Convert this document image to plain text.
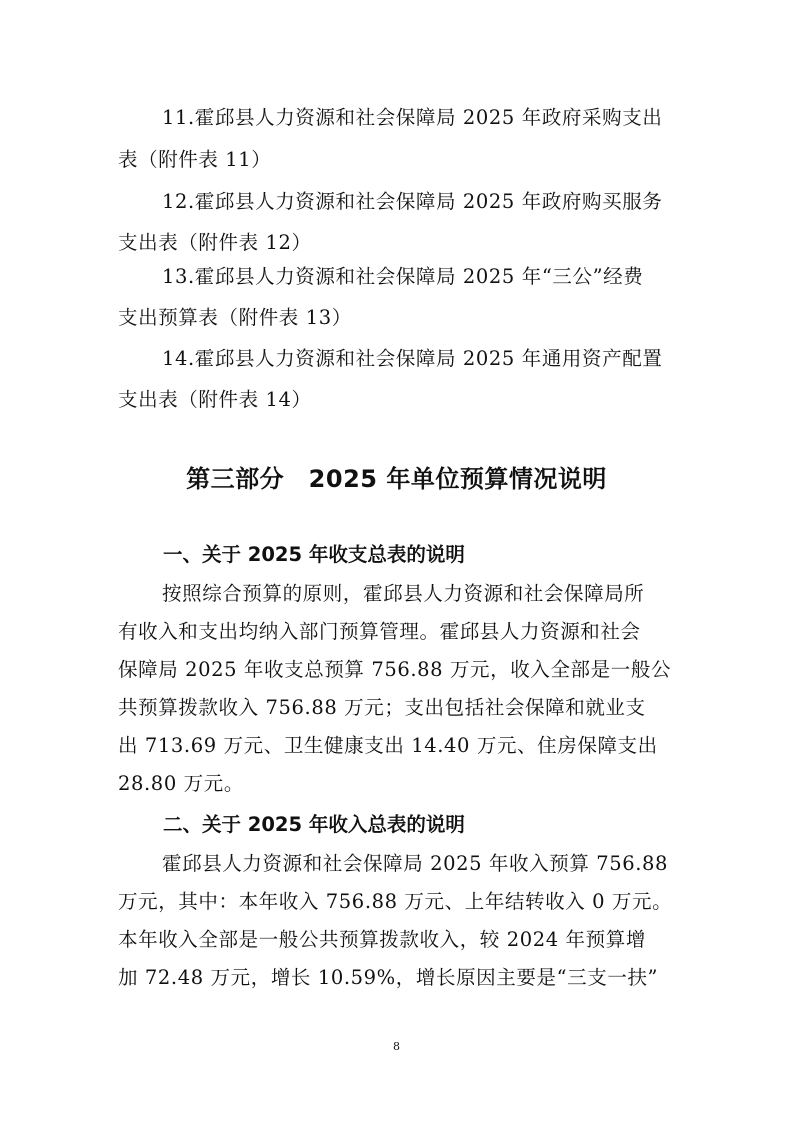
11.霍邱县人力资源和社会保障局 2025 年政府采购支出

表（附件表 11）

12.霍邱县人力资源和社会保障局 2025 年政府购买服务

支出表（附件表 12）

13.霍邱县人力资源和社会保障局 2025 年“三公”经费

支出预算表（附件表 13）

14.霍邱县人力资源和社会保障局 2025 年通用资产配置

支出表（附件表 14）

第三部分　2025 年单位预算情况说明
一、关于 2025 年收支总表的说明

按照综合预算的原则，霍邱县人力资源和社会保障局所

有收入和支出均纳入部门预算管理。霍邱县人力资源和社会

保障局 2025 年收支总预算 756.88 万元，收入全部是一般公

共预算拨款收入 756.88 万元；支出包括社会保障和就业支

出 713.69 万元、卫生健康支出 14.40 万元、住房保障支出

28.80 万元。

二、关于 2025 年收入总表的说明

霍邱县人力资源和社会保障局 2025 年收入预算 756.88

万元，其中：本年收入 756.88 万元、上年结转收入 0 万元。

本年收入全部是一般公共预算拨款收入，较 2024 年预算增

加 72.48 万元，增长 10.59%，增长原因主要是“三支一扶”

8
